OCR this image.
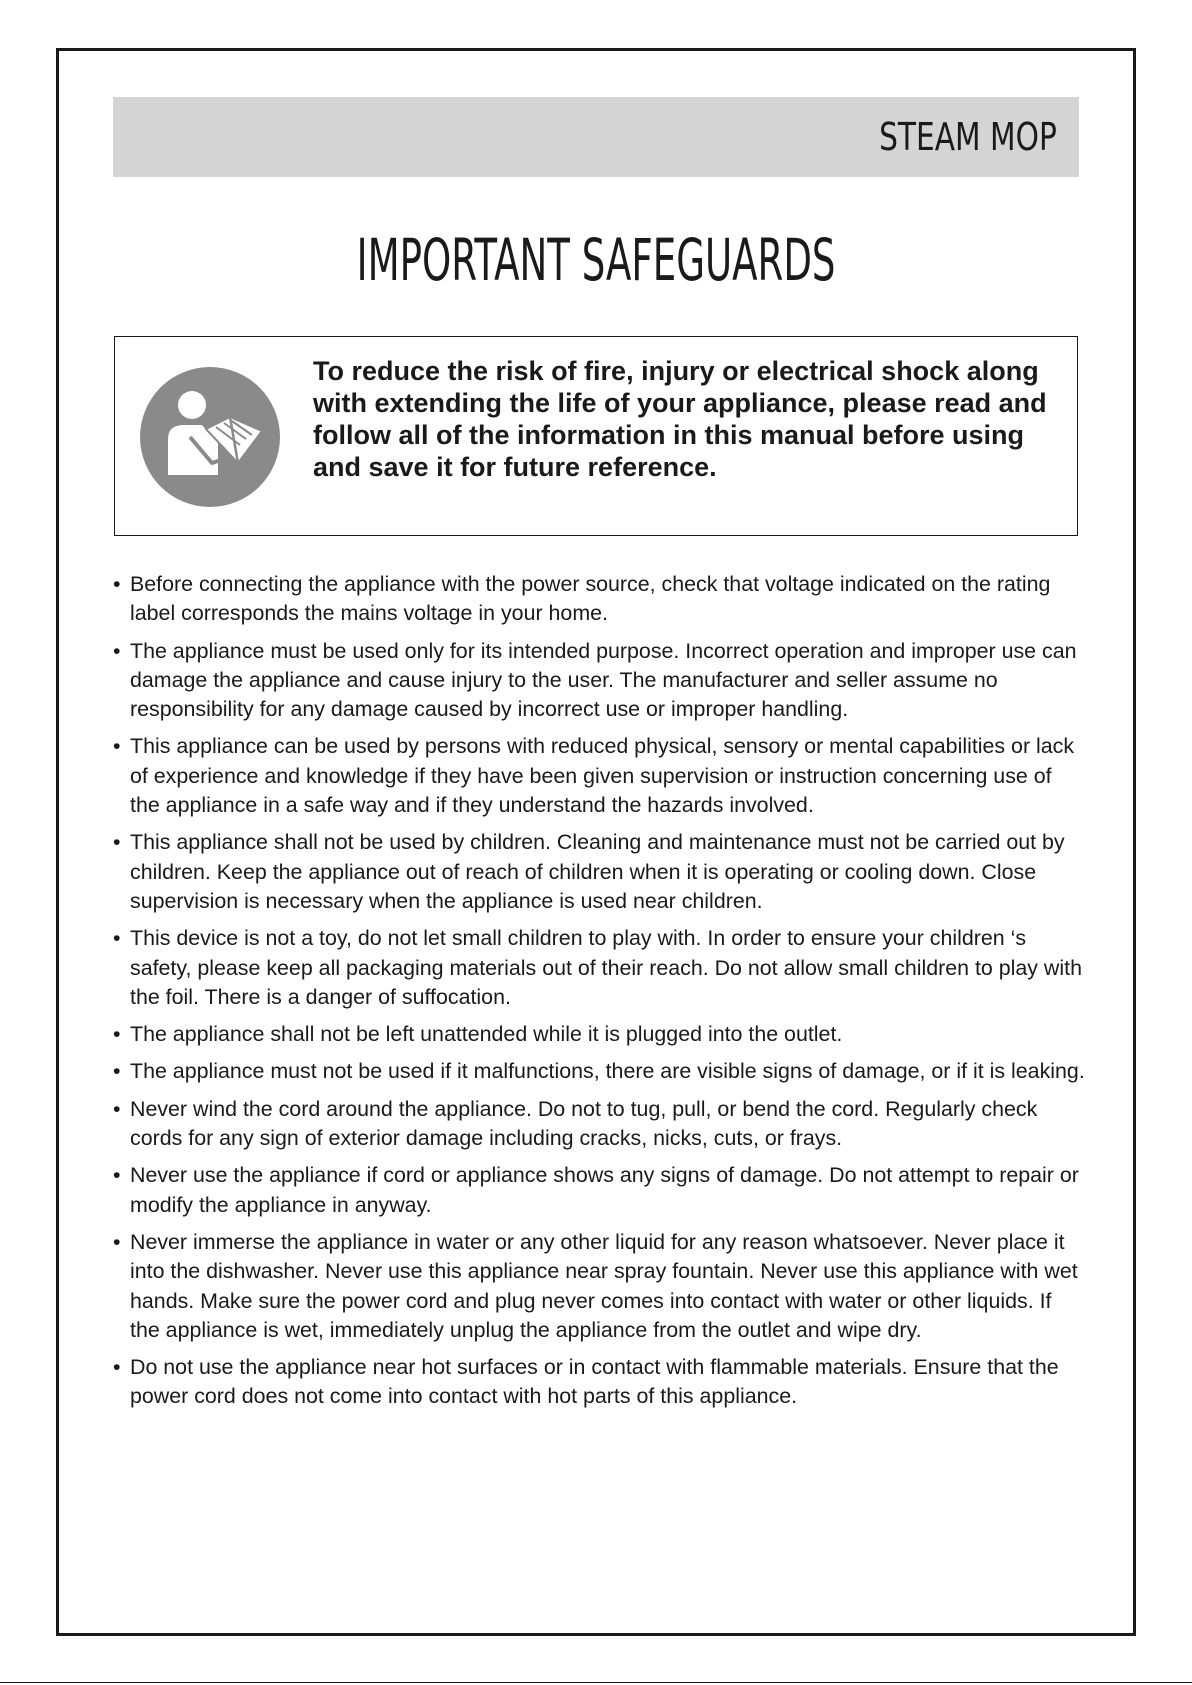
STEAM MOP
IMPORTANT SAFEGUARDS
To reduce the risk of fire, injury or electrical shock along with extending the life of your appliance, please read and follow all of the information in this manual before using and save it for future reference.
• Before connecting the appliance with the power source, check that voltage indicated on the rating label corresponds the mains voltage in your home.
• The appliance must be used only for its intended purpose. Incorrect operation and improper use can damage the appliance and cause injury to the user. The manufacturer and seller assume no responsibility for any damage caused by incorrect use or improper handling.
• This appliance can be used by persons with reduced physical, sensory or mental capabilities or lack of experience and knowledge if they have been given supervision or instruction concerning use of the appliance in a safe way and if they understand the hazards involved.
• This appliance shall not be used by children. Cleaning and maintenance must not be carried out by children. Keep the appliance out of reach of children when it is operating or cooling down. Close supervision is necessary when the appliance is used near children.
• This device is not a toy, do not let small children to play with. In order to ensure your children ‘s safety, please keep all packaging materials out of their reach. Do not allow small children to play with the foil. There is a danger of suffocation.
• The appliance shall not be left unattended while it is plugged into the outlet.
• The appliance must not be used if it malfunctions, there are visible signs of damage, or if it is leaking.
• Never wind the cord around the appliance. Do not to tug, pull, or bend the cord. Regularly check cords for any sign of exterior damage including cracks, nicks, cuts, or frays.
• Never use the appliance if cord or appliance shows any signs of damage. Do not attempt to repair or modify the appliance in anyway.
• Never immerse the appliance in water or any other liquid for any reason whatsoever. Never place it into the dishwasher. Never use this appliance near spray fountain. Never use this appliance with wet hands. Make sure the power cord and plug never comes into contact with water or other liquids. If the appliance is wet, immediately unplug the appliance from the outlet and wipe dry.
• Do not use the appliance near hot surfaces or in contact with flammable materials. Ensure that the power cord does not come into contact with hot parts of this appliance.
